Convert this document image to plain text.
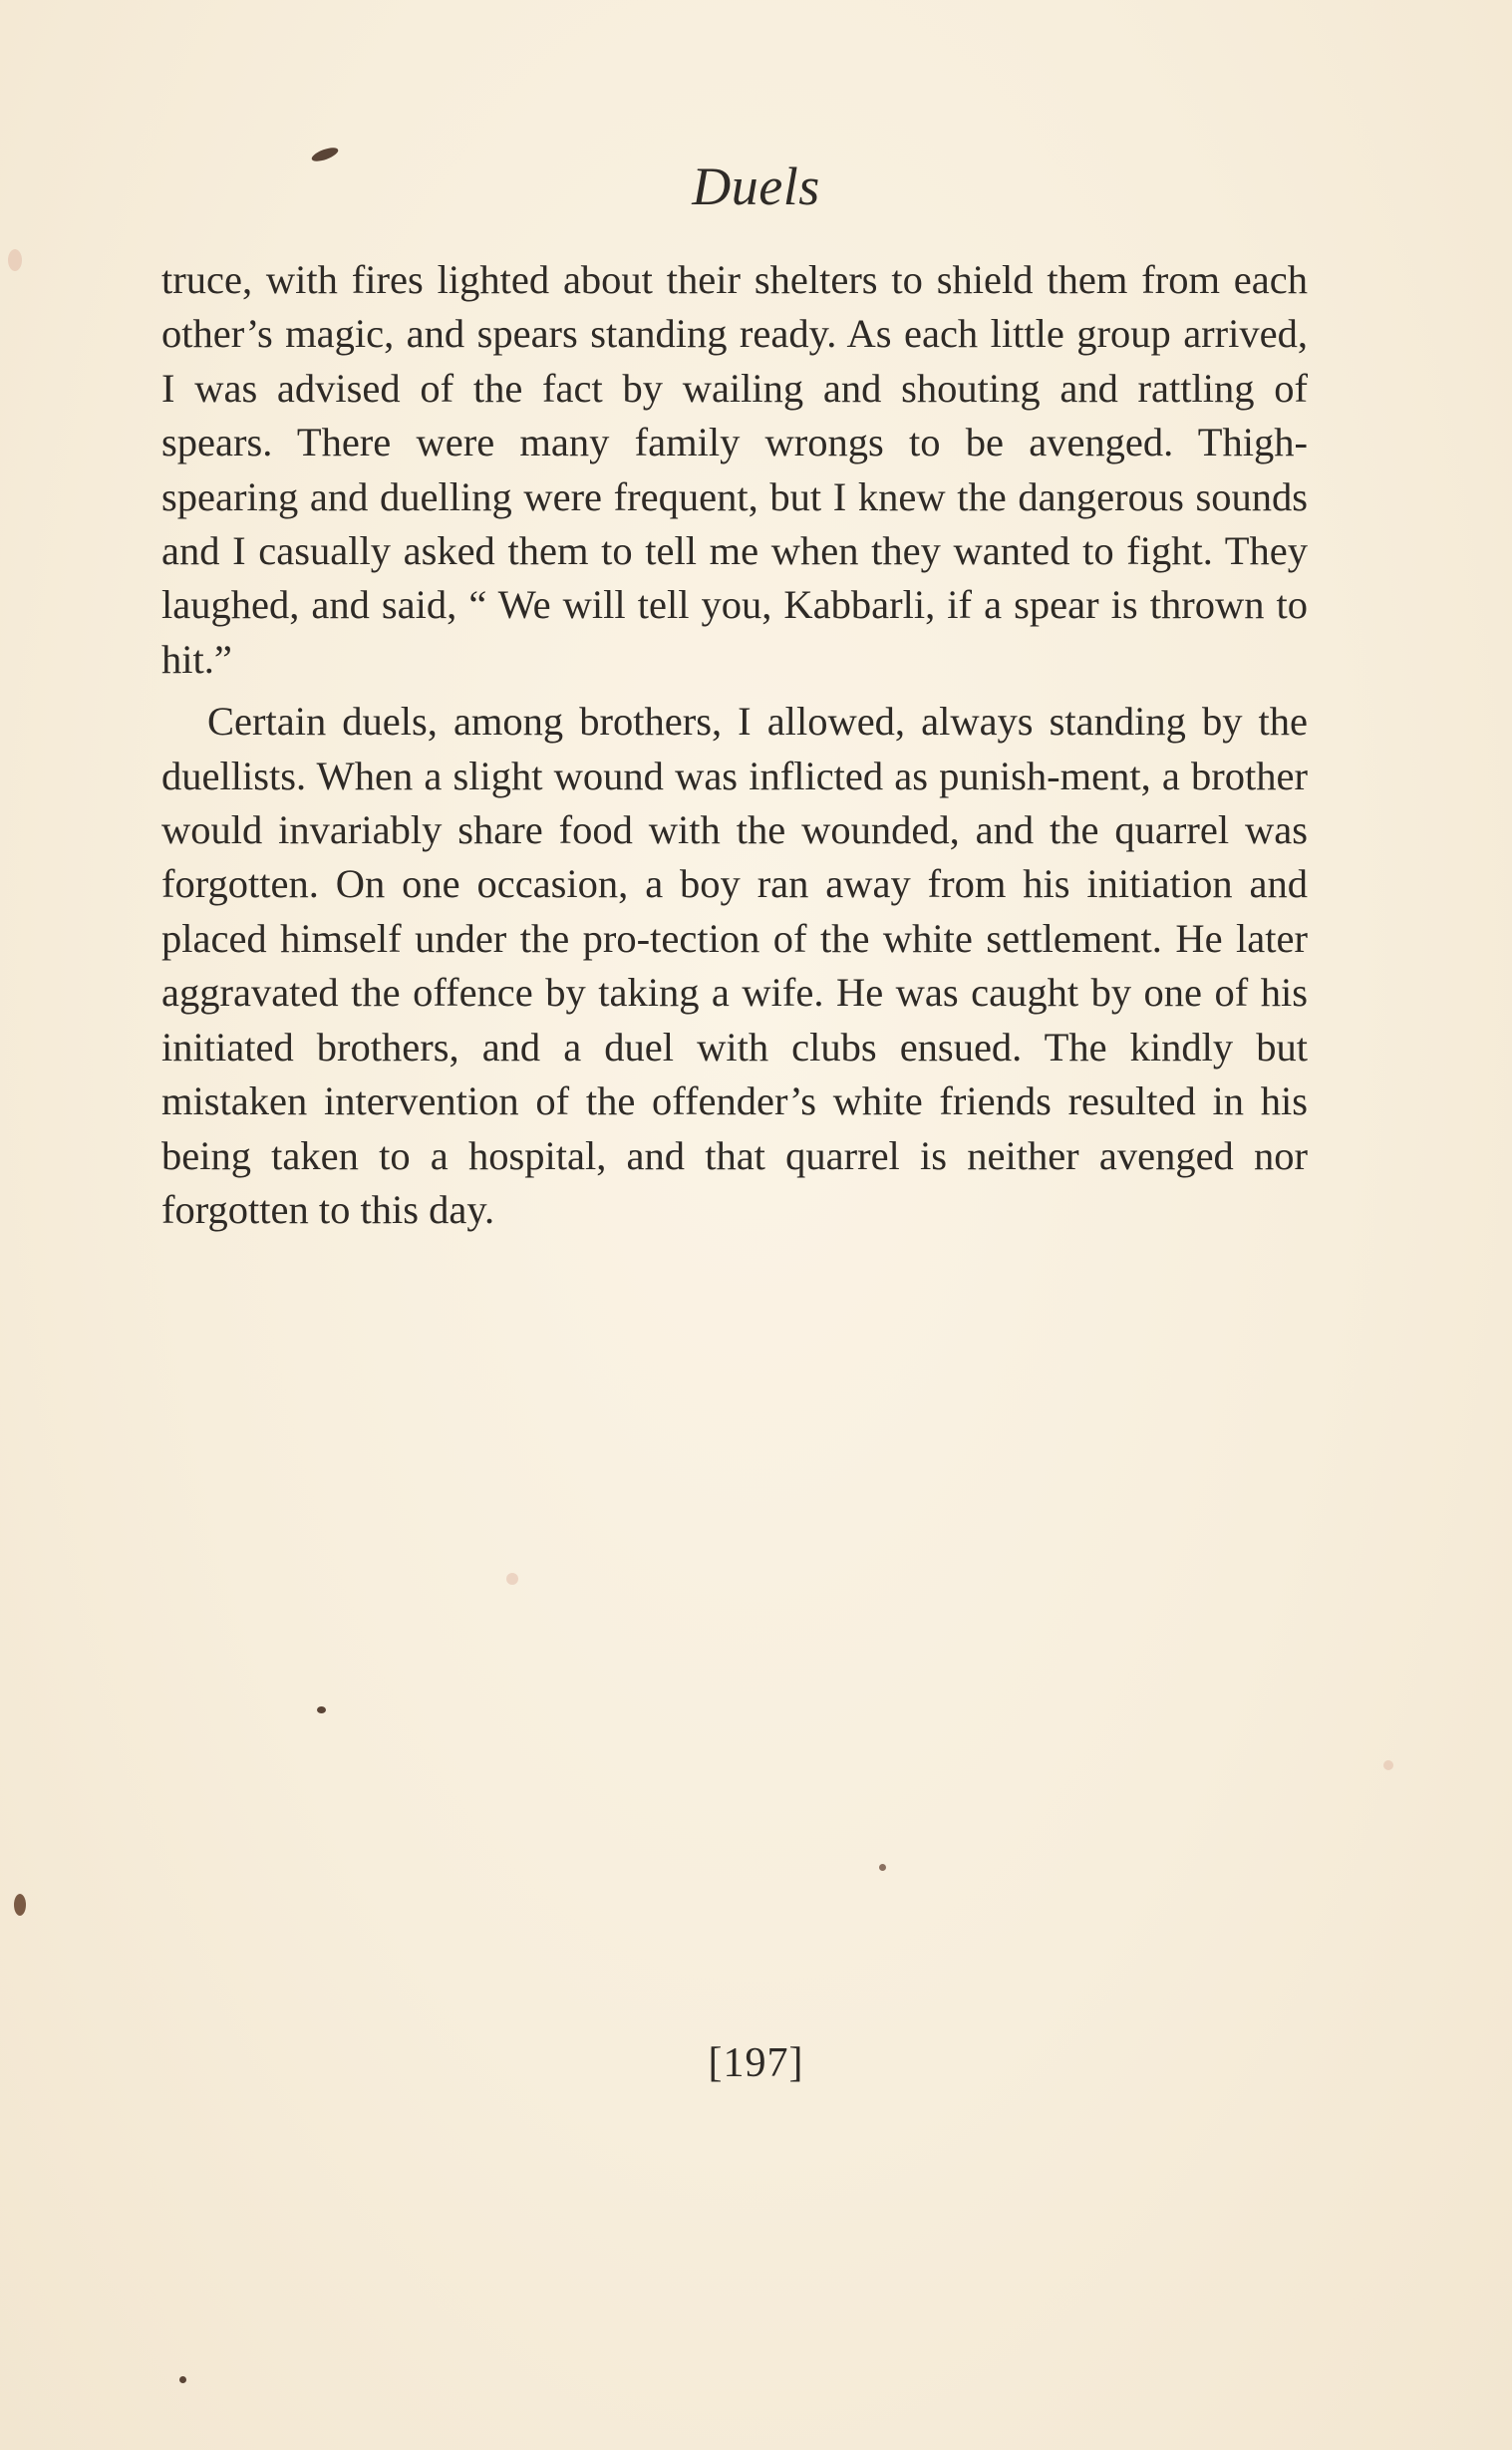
Duels

truce, with fires lighted about their shelters to shield them from each other’s magic, and spears standing ready. As each little group arrived, I was advised of the fact by wailing and shouting and rattling of spears. There were many family wrongs to be avenged. Thigh-spearing and duelling were frequent, but I knew the dangerous sounds and I casually asked them to tell me when they wanted to fight. They laughed, and said, “ We will tell you, Kabbarli, if a spear is thrown to hit.”

Certain duels, among brothers, I allowed, always standing by the duellists. When a slight wound was inflicted as punish-ment, a brother would invariably share food with the wounded, and the quarrel was forgotten. On one occasion, a boy ran away from his initiation and placed himself under the pro-tection of the white settlement. He later aggravated the offence by taking a wife. He was caught by one of his initiated brothers, and a duel with clubs ensued. The kindly but mistaken intervention of the offender’s white friends resulted in his being taken to a hospital, and that quarrel is neither avenged nor forgotten to this day.

[197]
